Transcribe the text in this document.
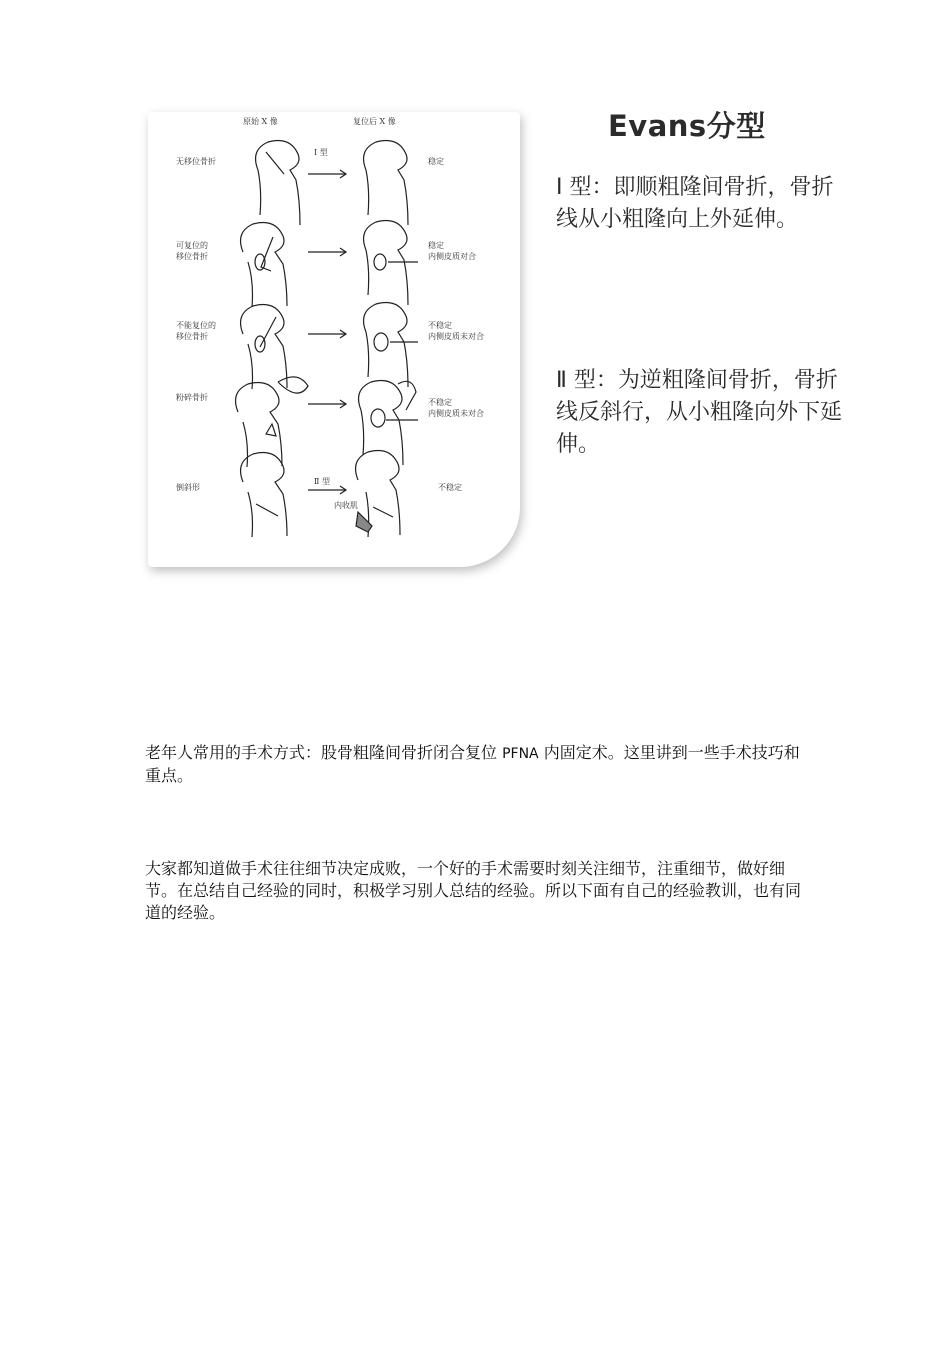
原始 X 像	复位后 X 像
无移位骨折
Ⅰ 型
稳定
可复位的
移位骨折
稳定
内侧皮质对合
不能复位的
移位骨折
不稳定
内侧皮质未对合
粉碎骨折
不稳定
内侧皮质未对合
倒斜形
Ⅱ 型
内收肌
不稳定
Evans分型
Ⅰ 型：即顺粗隆间骨折，骨折线从小粗隆向上外延伸。
Ⅱ 型：为逆粗隆间骨折，骨折线反斜行，从小粗隆向外下延伸。
老年人常用的手术方式：股骨粗隆间骨折闭合复位 PFNA 内固定术。这里讲到一些手术技巧和重点。
大家都知道做手术往往细节决定成败，一个好的手术需要时刻关注细节，注重细节，做好细节。在总结自己经验的同时，积极学习别人总结的经验。所以下面有自己的经验教训，也有同道的经验。
